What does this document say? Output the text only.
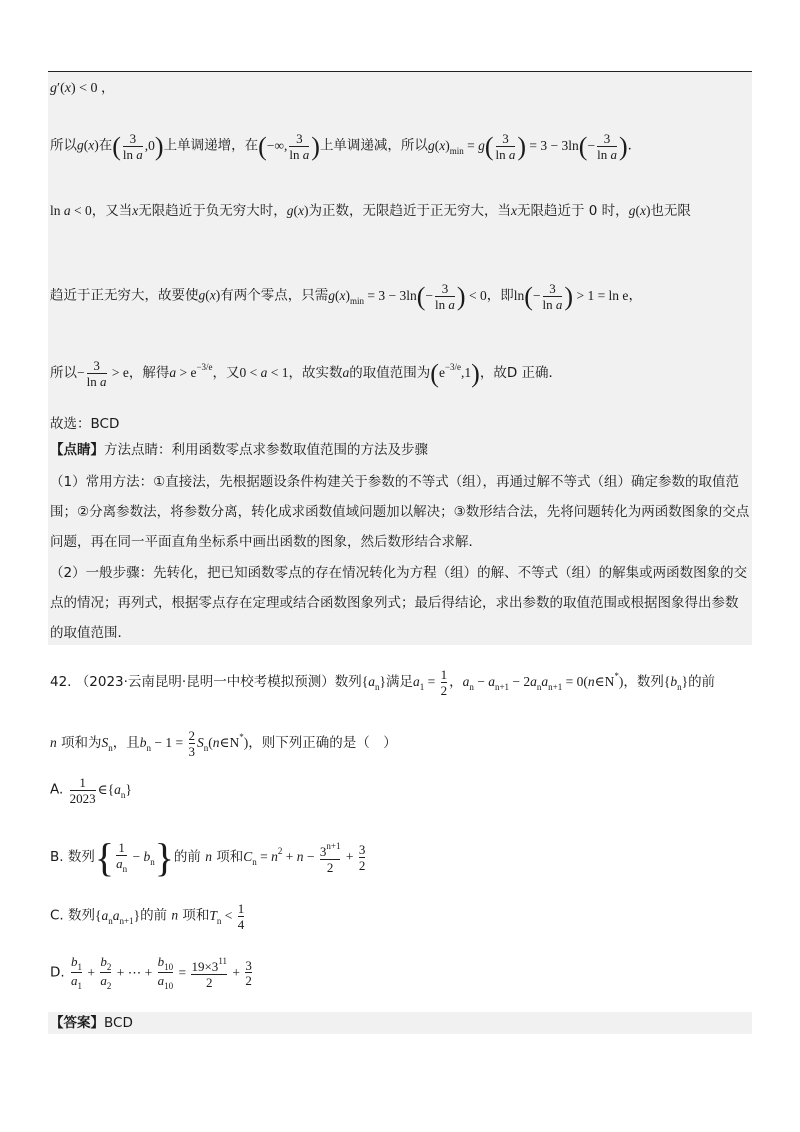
g′(x) < 0 ，
所以g(x)在( $\frac{3}{\text{ln a}} ,0$)上单调递增，在(−∞, $\frac{3}{\text{ln a}}$ )上单调递减，所以$g(x)_{min} = g( \frac{3}{\text{ln a}}$ ) = $3 - 3\ln(- \frac{3}{\text{ln a}}$ )．
ln a < 0，又当x无限趋近于负无穷大时，g(x)为正数，无限趋近于正无穷大，当x无限趋近于 0 时，g(x)也无限
趋近于正无穷大，故要使g(x)有两个零点，只需$g(x)_{min} = 3 - 3\ln(- \frac{3}{\text{ln a}}$ ) < 0，即$\ln(- \frac{3}{\text{ln a}}$ ) > 1 = ln e，
所以− $\frac{3}{\text{ln a}} > e$，解得$a > e^{-3/e}$，又0 < a < 1，故实数a的取值范围为$(e^{-3/e},1)$，故D 正确．
故选：BCD
【点睛】方法点睛：利用函数零点求参数取值范围的方法及步骤
（1）常用方法：①直接法，先根据题设条件构建关于参数的不等式（组），再通过解不等式（组）确定参数的取值范围；②分离参数法，将参数分离，转化成求函数值域问题加以解决；③数形结合法，先将问题转化为两函数图象的交点问题，再在同一平面直角坐标系中画出函数的图象，然后数形结合求解．
（2）一般步骤：先转化，把已知函数零点的存在情况转化为方程（组）的解、不等式（组）的解集或两函数图象的交点的情况；再列式，根据零点存在定理或结合函数图象列式；最后得结论，求出参数的取值范围或根据图象得出参数的取值范围．
42. （2023·云南昆明·昆明一中校考模拟预测）数列$\{a_n\}$满足$a_1 = \frac{1}{2}$ ，$a_n - a_{n+1} - 2a_na_{n+1}$ = 0(n∈N*)，数列$\{b_n\}$的前
n 项和为$S_n$，且$b_n - 1 = \frac{2}{3}$ $S_n(n\in N^*)$，则下列正确的是（　）
A. $\frac{1}{2023}$ $\in\{a_n\}$
B. 数列{ $\frac{1}{a_n} - b_n$}的前 n 项和$C_n = n^2 + n - \frac{3^{n+1}}{2} + \frac{3}{2}$
C. 数列$\{a_na_{n+1}\}$的前 n 项和$T_n < \frac{1}{4}$
D. $\frac{b_1}{a_1} + \frac{b_2}{a_2}$ + ⋯ + $\frac{b_{10}}{a_{10}} = \frac{19\times 3^{11}}{2} + \frac{3}{2}$
【答案】BCD
